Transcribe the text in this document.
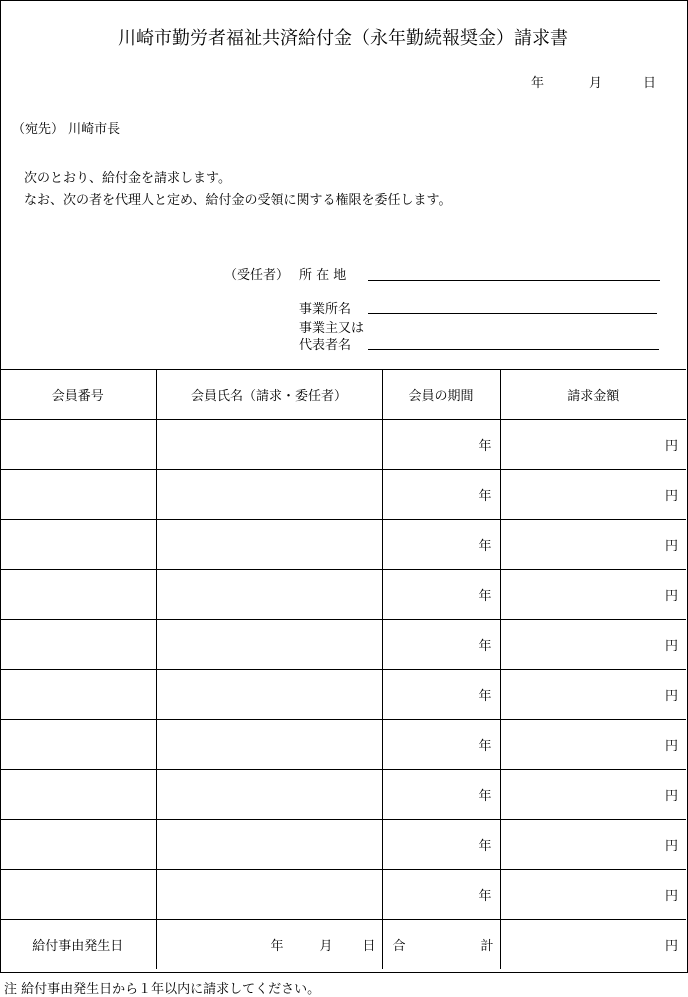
川崎市勤労者福祉共済給付金（永年勤続報奨金）請求書
年	月	日
（宛先） 川崎市長
次のとおり、給付金を請求します。
なお、次の者を代理人と定め、給付金の受領に関する権限を委任します。
（受任者） 所 在 地
事業所名
事業主又は
代表者名
会員番号	会員氏名（請求・委任者）	会員の期間	請求金額
		年	円
		年	円
		年	円
		年	円
		年	円
		年	円
		年	円
		年	円
		年	円
		年	円
給付事由発生日	年 月 日	合 計	円
注 給付事由発生日から１年以内に請求してください。
